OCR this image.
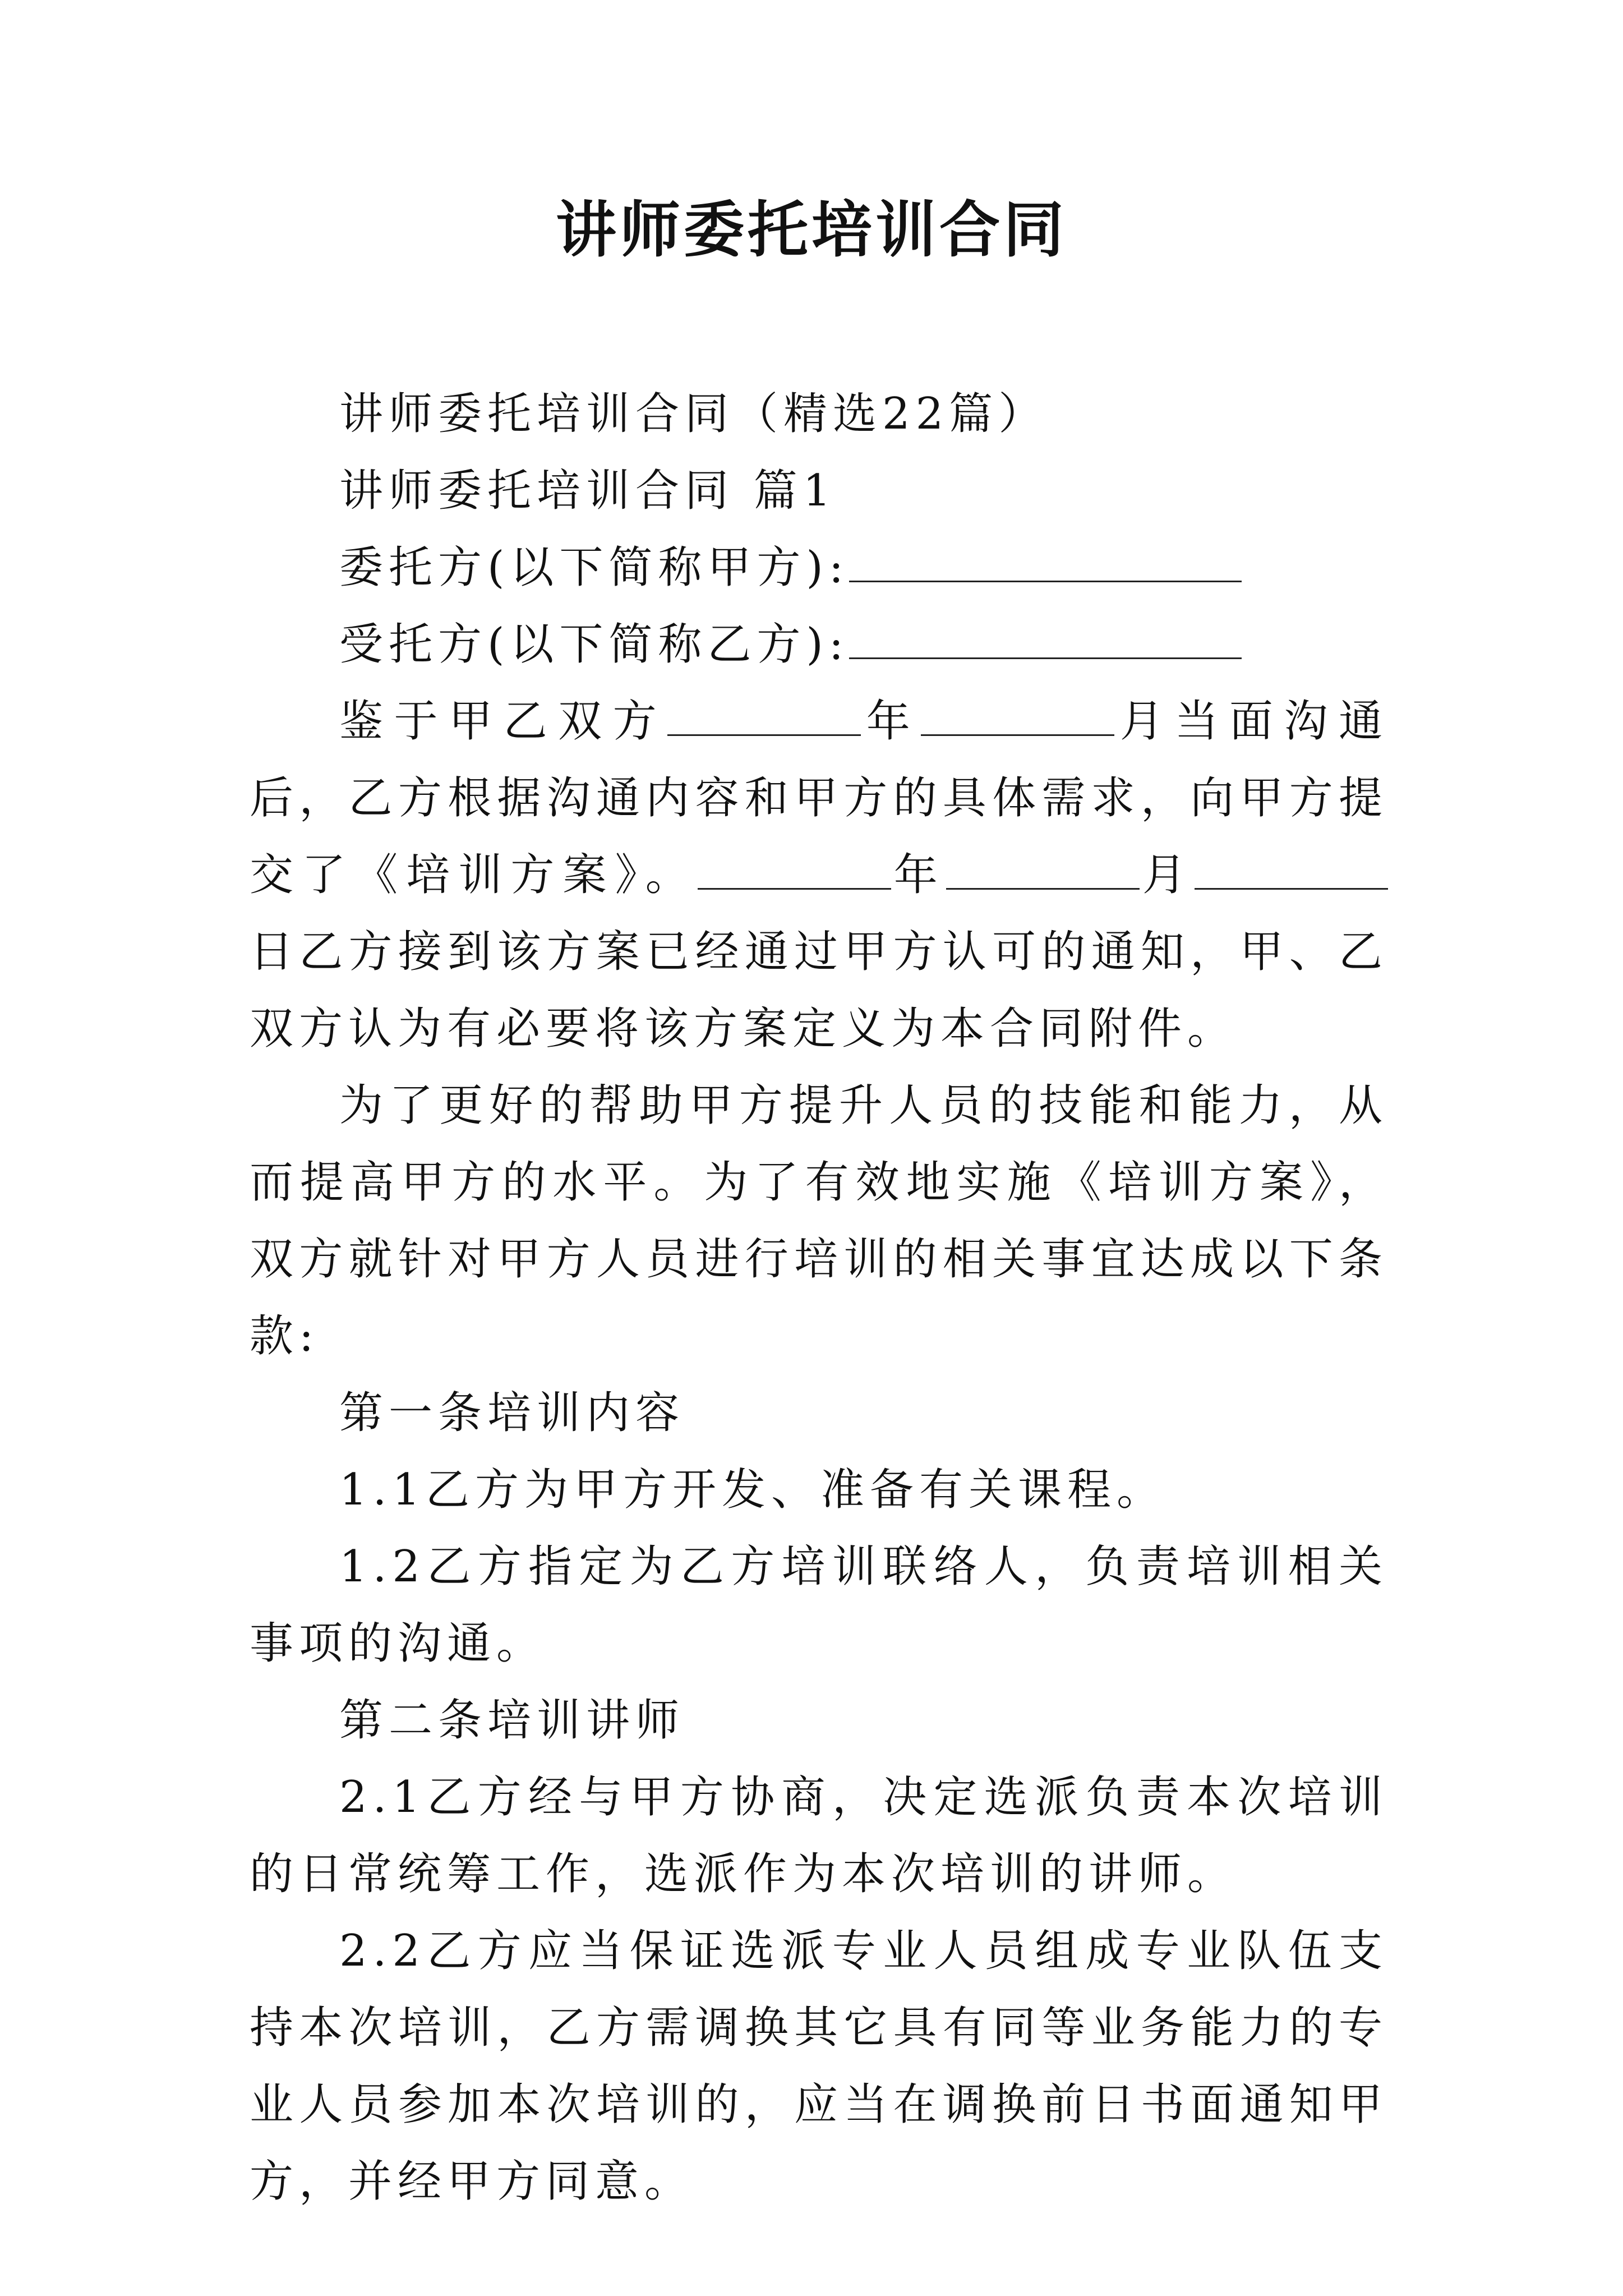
讲师委托培训合同

讲师委托培训合同（精选22篇）

讲师委托培训合同 篇1

委托方(以下简称甲方):

受托方(以下简称乙方):

鉴于甲乙双方	年	月当面沟通后，乙方根据沟通内容和甲方的具体需求，向甲方提交了《培训方案》。	年	月日乙方接到该方案已经通过甲方认可的通知，甲、乙双方认为有必要将该方案定义为本合同附件。

为了更好的帮助甲方提升人员的技能和能力，从而提高甲方的水平。为了有效地实施《培训方案》，双方就针对甲方人员进行培训的相关事宜达成以下条款:

第一条培训内容

1.1乙方为甲方开发、准备有关课程。

1.2乙方指定为乙方培训联络人，负责培训相关事项的沟通。

第二条培训讲师

2.1乙方经与甲方协商，决定选派负责本次培训的日常统筹工作，选派作为本次培训的讲师。

2.2乙方应当保证选派专业人员组成专业队伍支持本次培训，乙方需调换其它具有同等业务能力的专业人员参加本次培训的，应当在调换前日书面通知甲方，并经甲方同意。
